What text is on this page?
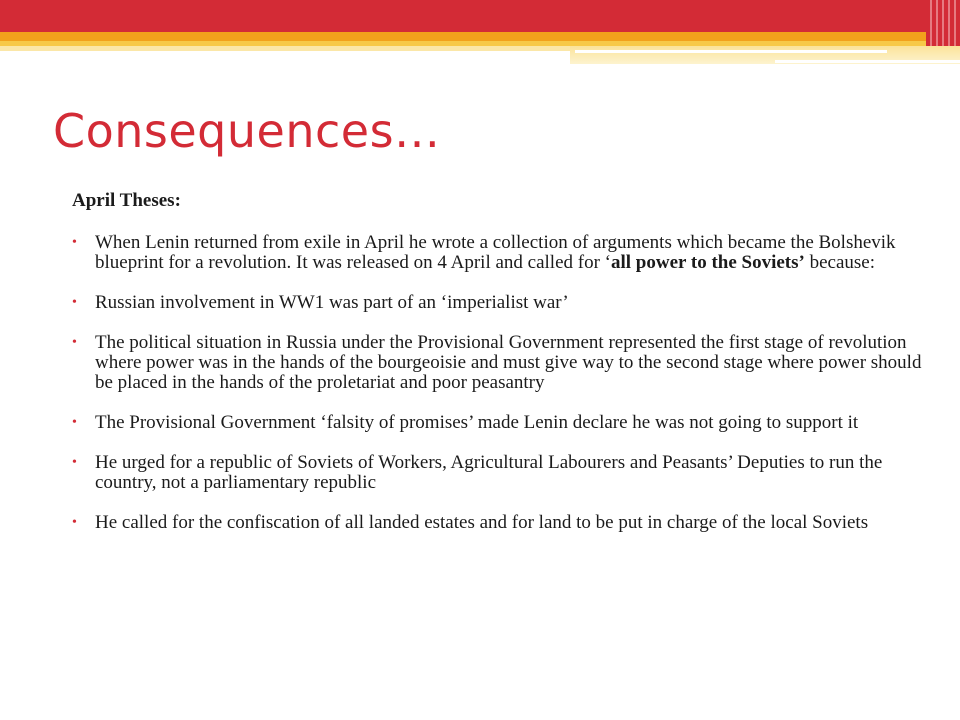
Consequences…
April Theses:
• When Lenin returned from exile in April he wrote a collection of arguments which became the Bolshevik blueprint for a revolution. It was released on 4 April and called for ‘all power to the Soviets’ because:
• Russian involvement in WW1 was part of an ‘imperialist war’
• The political situation in Russia under the Provisional Government represented the first stage of revolution where power was in the hands of the bourgeoisie and must give way to the second stage where power should be placed in the hands of the proletariat and poor peasantry
• The Provisional Government ‘falsity of promises’ made Lenin declare he was not going to support it
• He urged for a republic of Soviets of Workers, Agricultural Labourers and Peasants’ Deputies to run the country, not a parliamentary republic
• He called for the confiscation of all landed estates and for land to be put in charge of the local Soviets
